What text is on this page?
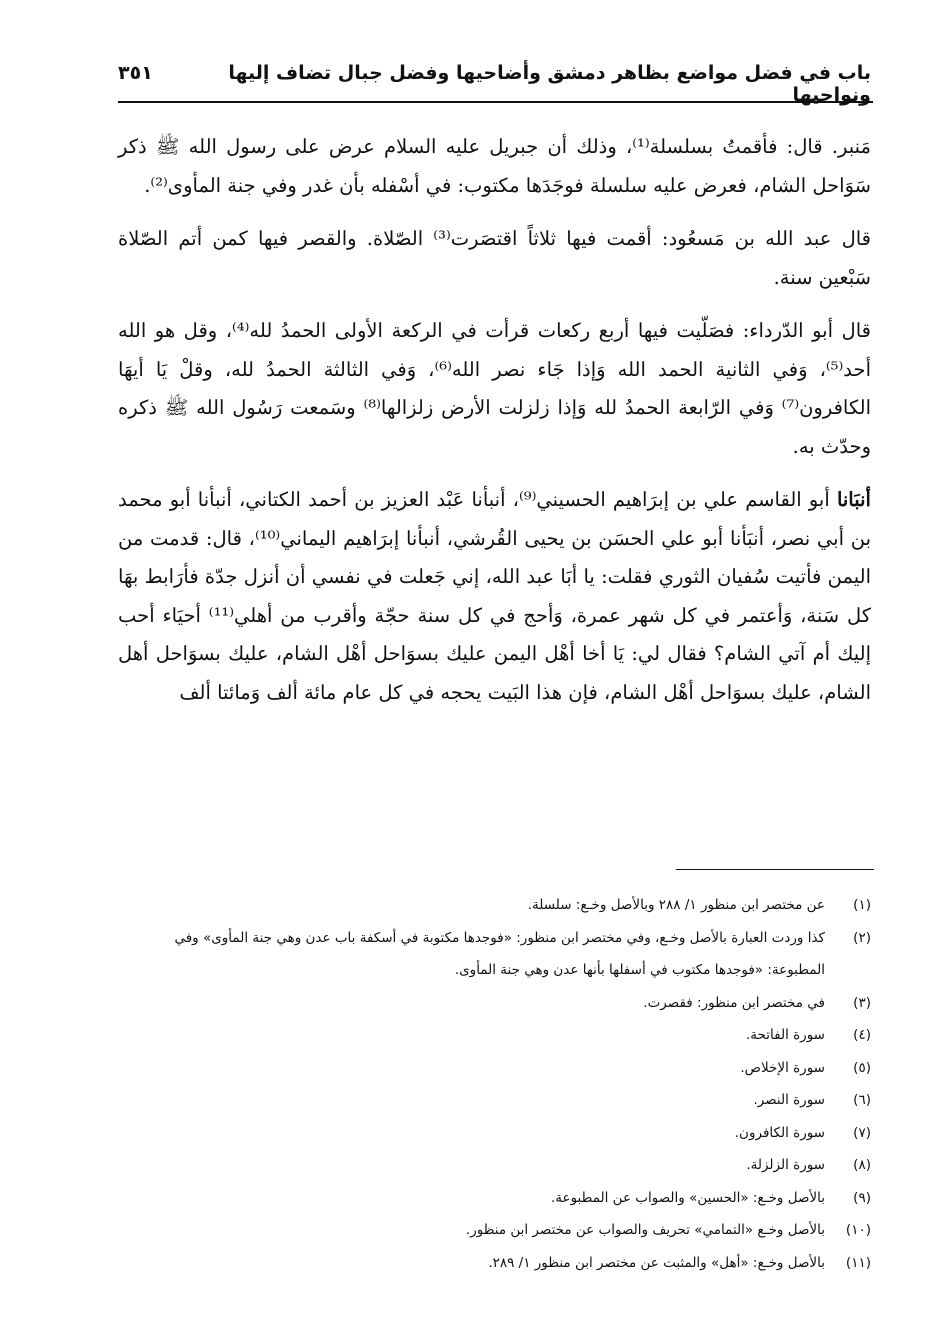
باب في فضل مواضع بظاهر دمشق وأضاحيها وفضل جبال تضاف إليها ونواحيها
٣٥١

مَنبر. قال: فأقمتُ بسلسلة⁽¹⁾، وذلك أن جبريل عليه السلام عرض على رسول الله ﷺ ذكر سَوَاحل الشام، فعرض عليه سلسلة فوجَدَها مكتوب: في أسْفله بأن غدر وفي جنة المأوى⁽²⁾.

قال عبد الله بن مَسعُود: أقمت فيها ثلاثاً اقتصَرت⁽³⁾ الصّلاة. والقصر فيها كمن أتم الصّلاة سَبْعين سنة.

قال أبو الدّرداء: فصَلّيت فيها أربع ركعات قرأت في الركعة الأولى الحمدُ لله⁽⁴⁾، وقل هو الله أحد⁽⁵⁾، وَفي الثانية الحمد الله وَإذا جَاء نصر الله⁽⁶⁾، وَفي الثالثة الحمدُ لله، وقلْ يَا أيهَا الكافرون⁽⁷⁾ وَفي الرّابعة الحمدُ لله وَإذا زلزلت الأرض زلزالها⁽⁸⁾ وسَمعت رَسُول الله ﷺ ذكره وحدّث به.

أنبَانا أبو القاسم علي بن إبرَاهيم الحسيني⁽⁹⁾، أنبأنا عَبْد العزيز بن أحمد الكتاني، أنبأنا أبو محمد بن أبي نصر، أنبَأنا أبو علي الحسَن بن يحيى القُرشي، أنبأنا إبرَاهيم اليماني⁽¹⁰⁾، قال: قدمت من اليمن فأتيت سُفيان الثوري فقلت: يا أبَا عبد الله، إني جَعلت في نفسي أن أنزل جدّة فأرَابط بهَا كل سَنة، وَأعتمر في كل شهر عمرة، وَأحج في كل سنة حجّة وأقرب من أهلي⁽¹¹⁾ أحيَاء أحب إليك أم آتي الشام؟ فقال لي: يَا أخا أهْل اليمن عليك بسوَاحل أهْل الشام، عليك بسوَاحل أهل الشام، عليك بسوَاحل أهْل الشام، فإن هذا البَيت يحجه في كل عام مائة ألف وَمائتا ألف

(١)
عن مختصر ابن منظور ١/ ٢٨٨ وبالأصل وخـع: سلسلة.
(٢)
كذا وردت العبارة بالأصل وخـع، وفي مختصر ابن منظور: «فوجدها مكتوبة في أسكفة باب عدن وهي جنة المأوى» وفي المطبوعة: «فوجدها مكتوب في أسفلها بأنها عدن وهي جنة المأوى.
(٣)
في مختصر ابن منظور: فقصرت.
(٤)
سورة الفاتحة.
(٥)
سورة الإخلاص.
(٦)
سورة النصر.
(٧)
سورة الكافرون.
(٨)
سورة الزلزلة.
(٩)
بالأصل وخـع: «الحسين» والصواب عن المطبوعة.
(١٠)
بالأصل وخـع «التمامي» تحريف والصواب عن مختصر ابن منظور.
(١١)
بالأصل وخـع: «أهل» والمثبت عن مختصر ابن منظور ١/ ٢٨٩.
